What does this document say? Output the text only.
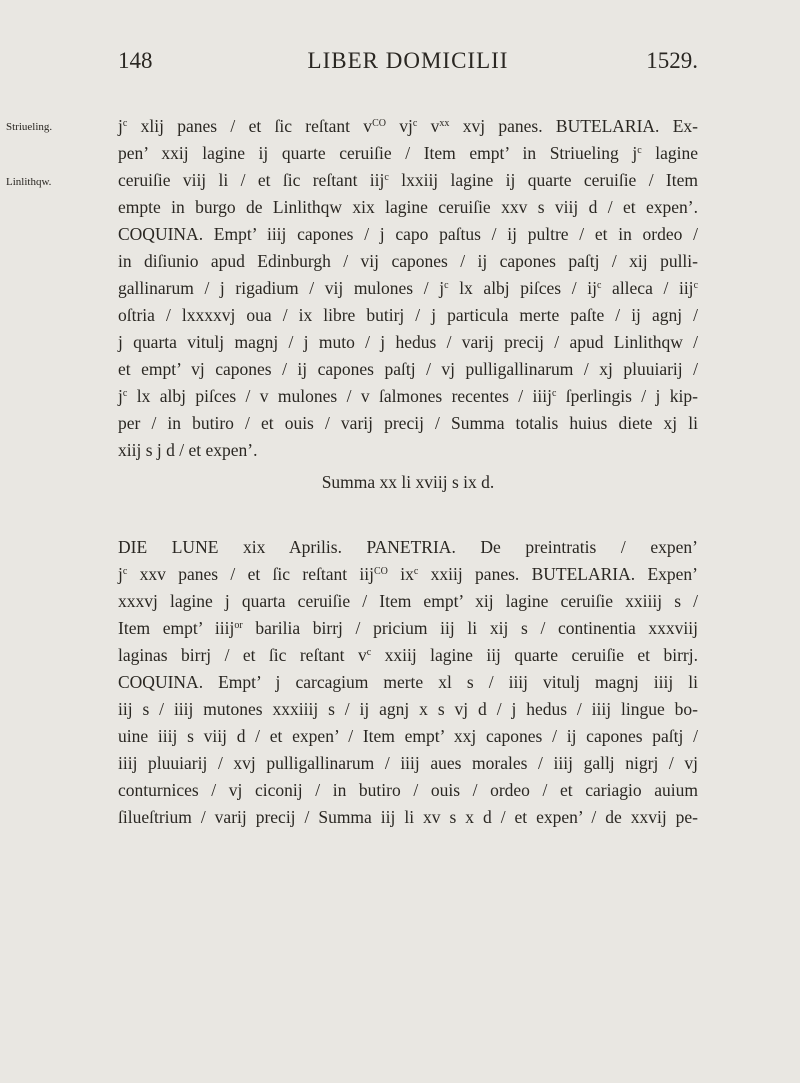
148	LIBER DOMICILII	1529.
Striueling.
Linlithqw.
$j^c$ xlij panes / et ſic reſtant $v^{CO}$ $vj^c$ $v^{xx}$ xvj panes. BUTELARIA. Ex-
pen’ xxij lagine ij quarte ceruiſie / Item empt’ in Striueling $j^c$ lagine
ceruiſie viij li / et ſic reſtant iij$^c$ lxxiij lagine ij quarte ceruiſie / Item
empte in burgo de Linlithqw xix lagine ceruiſie xxv s viij d / et expen’.
COQUINA. Empt’ iiij capones / j capo paſtus / ij pultre / et in ordeo /
in diſiunio apud Edinburgh / vij capones / ij capones paſtj / xij pulli-
gallinarum / j rigadium / vij mulones / $j^c$ lx albj piſces / $ij^c$ alleca / iij$^c$
oſtria / lxxxxvj oua / ix libre butirj / j particula merte paſte / ij agnj /
j quarta vitulj magnj / j muto / j hedus / varij precij / apud Linlithqw /
et empt’ vj capones / ij capones paſtj / vj pulligallinarum / xj pluuiarij /
$j^c$ lx albj piſces / v mulones / v ſalmones recentes / iiij$^c$ ſperlingis / j kip-
per / in butiro / et ouis / varij precij / Summa totalis huius diete xj li
xiij s j d / et expen’.
Summa xx li xviij s ix d.
DIE LUNE xix Aprilis. PANETRIA. De preintratis / expen’
$j^c$ xxv panes / et ſic reſtant iij$^{CO}$ $ix^c$ xxiij panes. BUTELARIA. Expen’
xxxvj lagine j quarta ceruiſie / Item empt’ xij lagine ceruiſie xxiiij s /
Item empt’ iiij$^{or}$ barilia birrj / pricium iij li xij s / continentia xxxviij
laginas birrj / et ſic reſtant $v^c$ xxiij lagine iij quarte ceruiſie et birrj.
COQUINA. Empt’ j carcagium merte xl s / iiij vitulj magnj iiij li
iij s / iiij mutones xxxiiij s / ij agnj x s vj d / j hedus / iiij lingue bo-
uine iiij s viij d / et expen’ / Item empt’ xxj capones / ij capones paſtj /
iiij pluuiarij / xvj pulligallinarum / iiij aues morales / iiij gallj nigrj / vj
conturnices / vj ciconij / in butiro / ouis / ordeo / et cariagio auium
ſilueſtrium / varij precij / Summa iij li xv s x d / et expen’ / de xxvij pe-
